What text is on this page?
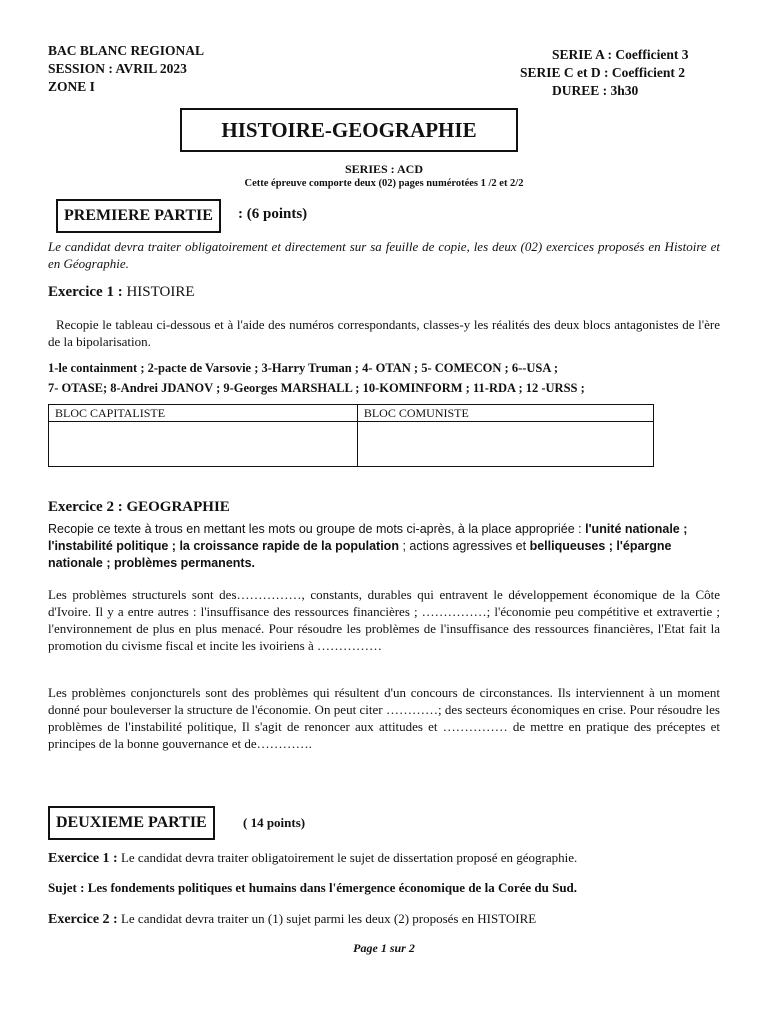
BAC BLANC REGIONAL
SESSION : AVRIL 2023
ZONE I
SERIE A : Coefficient 3
SERIE C et D : Coefficient 2
DUREE : 3h30
HISTOIRE-GEOGRAPHIE
SERIES : ACD
Cette épreuve comporte deux (02) pages numérotées 1 /2 et 2/2
PREMIERE PARTIE	: (6 points)
Le candidat devra traiter obligatoirement et directement sur sa feuille de copie, les deux (02) exercices proposés en Histoire et en Géographie.
Exercice 1 : HISTOIRE
Recopie le tableau ci-dessous et à l'aide des numéros correspondants, classes-y les réalités des deux blocs antagonistes de l'ère de la bipolarisation.
1-le containment ; 2-pacte de Varsovie ; 3-Harry Truman ; 4- OTAN ; 5- COMECON ; 6--USA ;
7- OTASE; 8-Andrei JDANOV ; 9-Georges MARSHALL ; 10-KOMINFORM ; 11-RDA ; 12 -URSS ;
BLOC CAPITALISTE	BLOC COMUNISTE

Exercice 2 : GEOGRAPHIE
Recopie ce texte à trous en mettant les mots ou groupe de mots ci-après, à la place appropriée : l'unité nationale ; l'instabilité politique ; la croissance rapide de la population ; actions agressives et belliqueuses ; l'épargne nationale ; problèmes permanents.
Les problèmes structurels sont des……………, constants, durables qui entravent le développement économique de la Côte d'Ivoire. Il y a entre autres : l'insuffisance des ressources financières ; ……………; l'économie peu compétitive et extravertie ; l'environnement de plus en plus menacé. Pour résoudre les problèmes de l'insuffisance des ressources financières, l'Etat fait la promotion du civisme fiscal et incite les ivoiriens à ……………
Les problèmes conjoncturels sont des problèmes qui résultent d'un concours de circonstances. Ils interviennent à un moment donné pour bouleverser la structure de l'économie. On peut citer …………; des secteurs économiques en crise. Pour résoudre les problèmes de l'instabilité politique, Il s'agit de renoncer aux attitudes et …………… de mettre en pratique des préceptes et principes de la bonne gouvernance et de………….
DEUXIEME PARTIE	( 14 points)
Exercice 1 : Le candidat devra traiter obligatoirement le sujet de dissertation proposé en géographie.
Sujet : Les fondements politiques et humains dans l'émergence économique de la Corée du Sud.
Exercice 2 : Le candidat devra traiter un (1) sujet parmi les deux (2) proposés en HISTOIRE
Page 1 sur 2
